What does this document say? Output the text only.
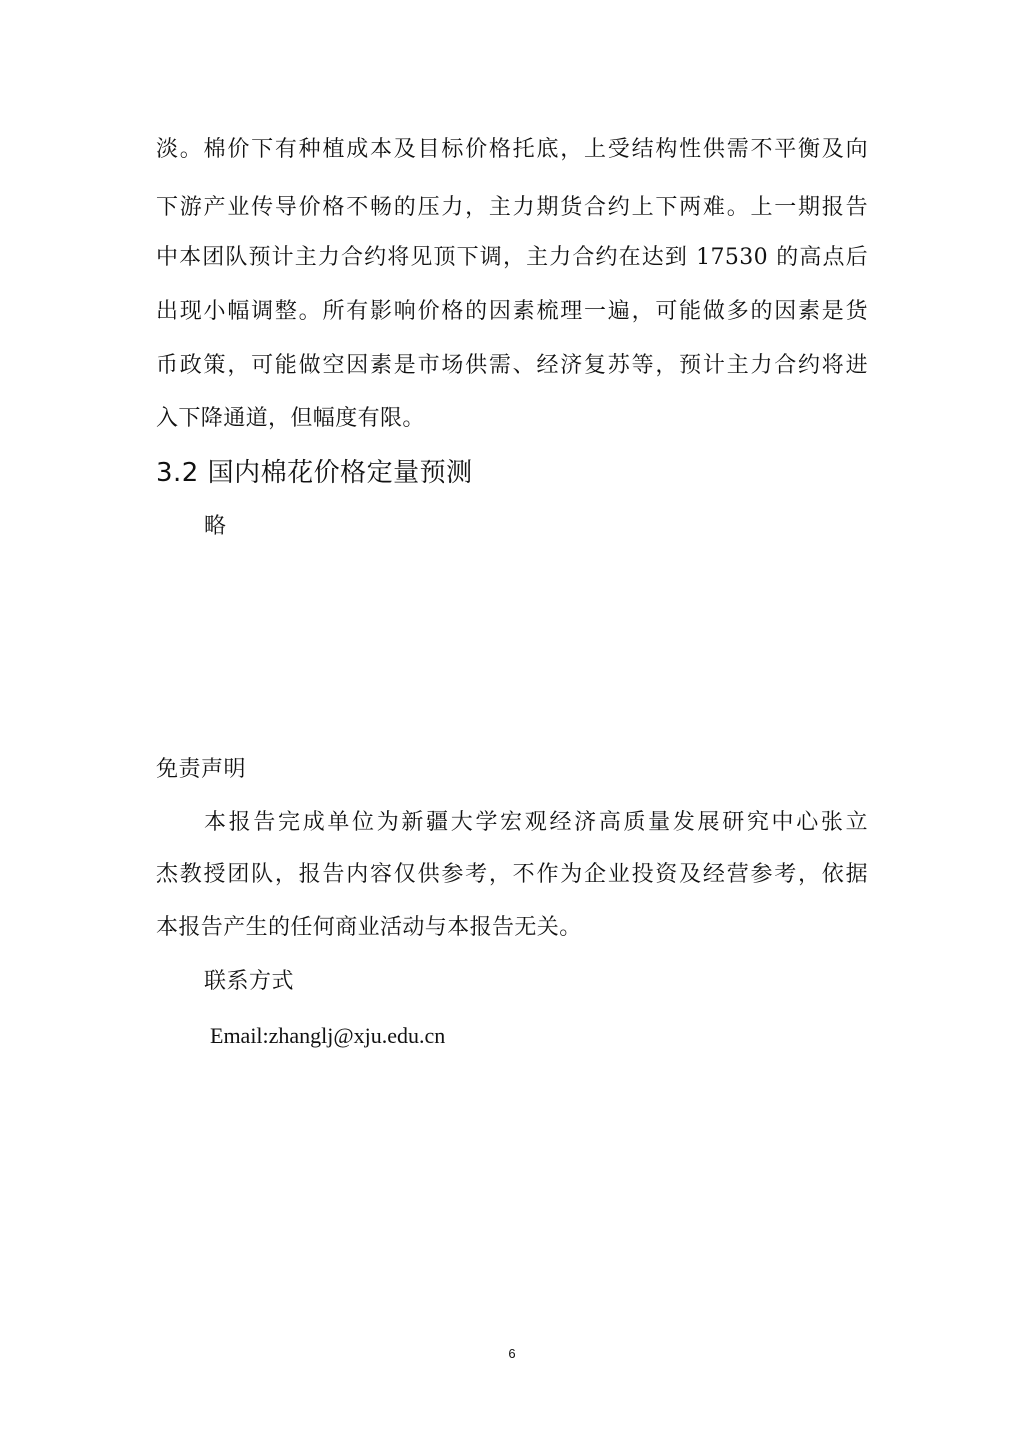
淡。棉价下有种植成本及目标价格托底，上受结构性供需不平衡及向
下游产业传导价格不畅的压力，主力期货合约上下两难。上一期报告
中本团队预计主力合约将见顶下调，主力合约在达到 17530 的高点后
出现小幅调整。所有影响价格的因素梳理一遍，可能做多的因素是货
币政策，可能做空因素是市场供需、经济复苏等，预计主力合约将进
入下降通道，但幅度有限。
3.2 国内棉花价格定量预测
略
免责声明
本报告完成单位为新疆大学宏观经济高质量发展研究中心张立
杰教授团队，报告内容仅供参考，不作为企业投资及经营参考，依据
本报告产生的任何商业活动与本报告无关。
联系方式
Email:zhanglj@xju.edu.cn
6
